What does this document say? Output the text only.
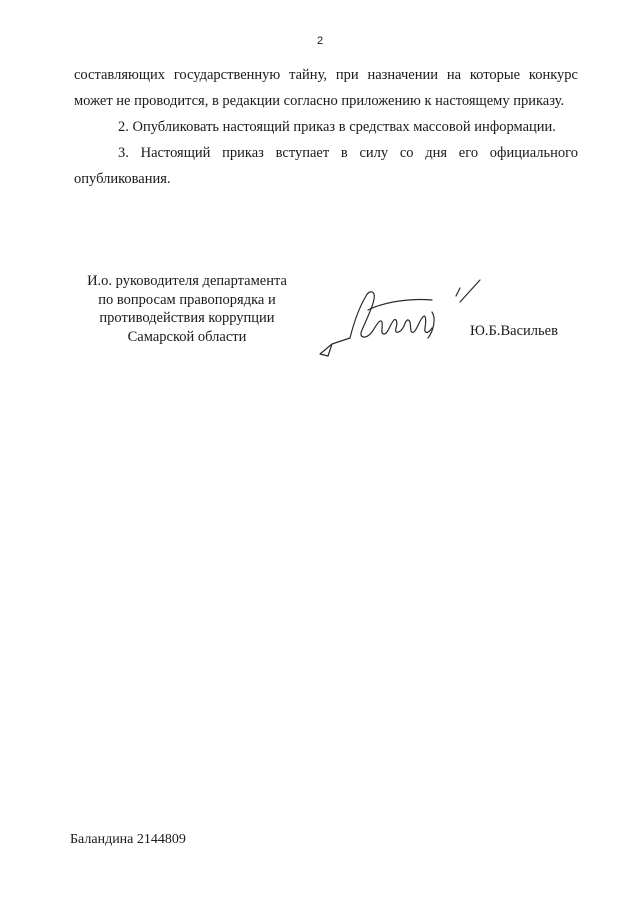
2

составляющих государственную тайну, при назначении на которые конкурс может не проводится, в редакции согласно приложению к настоящему приказу.

2. Опубликовать настоящий приказ в средствах массовой информации.

3. Настоящий приказ вступает в силу со дня его официального опубликования.

И.о. руководителя департамента
по вопросам правопорядка и
противодействия коррупции
Самарской области	Ю.Б.Васильев
Баландина 2144809
